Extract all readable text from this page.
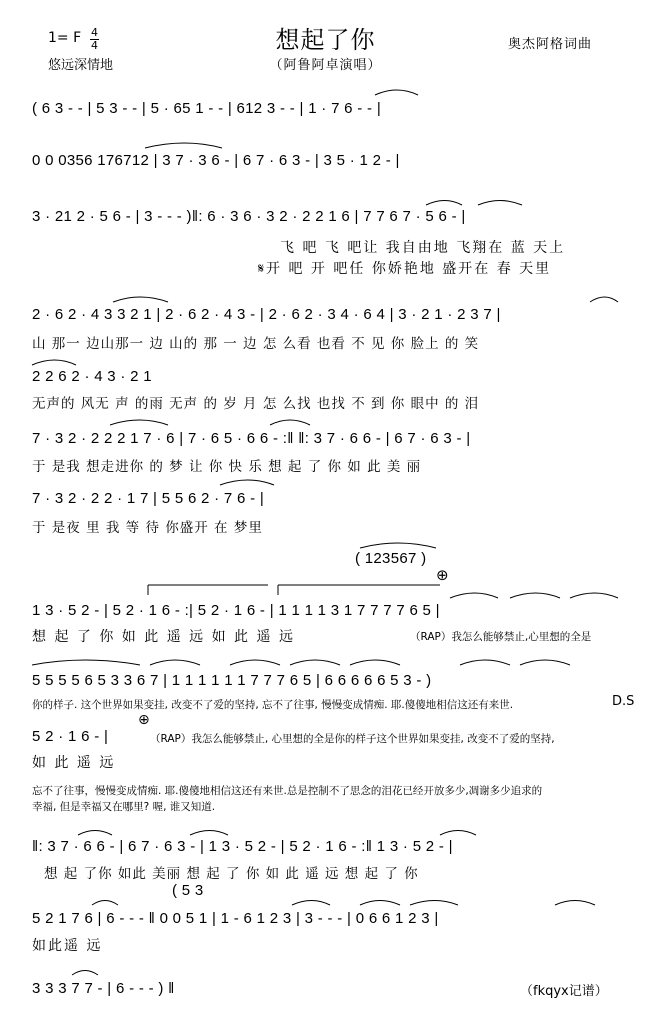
1= F 4
4
悠远深情地
想起了你
（阿鲁阿卓演唱）
奥杰阿格词曲
( 6 3 - - | 5 3 - - | 5 · 65 1 - - | 612 3 - - | 1 · 7 6 - - |
0 0 0356 176712 | 3 7 · 3 6 - | 6 7 · 6 3 - | 3 5 · 1 2 - |
3 · 21 2 · 5 6 - | 3 - - - )‖: 6 · 3 6 · 3 2 · 2 2 1 6 | 7 7 6 7 · 5 6 - |
飞 吧 飞 吧让 我自由地 飞翔在 蓝 天上
𝄋开 吧 开 吧任 你娇艳地 盛开在 春 天里
2 · 6 2 · 4 3 3 2 1 | 2 · 6 2 · 4 3 - | 2 · 6 2 · 3 4 · 6 4 | 3 · 2 1 · 2 3 7 |
山 那一 边山那一 边 山的 那 一 边 怎 么看 也看 不 见 你 脸上 的 笑
2 2 6 2 · 4 3 · 2 1
无声的 风无 声 的雨 无声 的 岁 月 怎 么找 也找 不 到 你 眼中 的 泪
7 · 3 2 · 2 2 2 1 7 · 6 | 7 · 6 5 · 6 6 - :‖ ‖: 3 7 · 6 6 - | 6 7 · 6 3 - |
于 是我 想走进你 的 梦 让 你 快 乐 想 起 了 你 如 此 美 丽
7 · 3 2 · 2 2 · 1 7 | 5 5 6 2 · 7 6 - |
于 是夜 里 我 等 待 你盛开 在 梦里
( 123567 )
⊕
1 3 · 5 2 - | 5 2 · 1 6 - :| 5 2 · 1 6 - | 1 1 1 1 3 1 7 7 7 7 6 5 |
想 起 了 你 如 此 遥 远 如 此 遥 远	（RAP）我怎么能够禁止,心里想的全是
5 5 5 5 6 5 3 3 6 7 | 1 1 1 1 1 1 7 7 7 6 5 | 6 6 6 6 6 5 3 - )
你的样子. 这个世界如果变挂, 改变不了爱的坚持, 忘不了往事, 慢慢变成情痴. 耶.傻傻地相信这还有来世.	D.S
⊕
5 2 · 1 6 - |	（RAP）我怎么能够禁止, 心里想的全是你的样子这个世界如果变挂, 改变不了爱的坚持,
如 此 遥 远
忘不了往事，慢慢变成情痴. 耶.傻傻地相信这还有来世.总是控制不了思念的泪花已经开放多少,凋谢多少追求的
幸福, 但是幸福又在哪里? 喔, 谁又知道.
‖: 3 7 · 6 6 - | 6 7 · 6 3 - | 1 3 · 5 2 - | 5 2 · 1 6 - :‖ 1 3 · 5 2 - |
想 起 了你 如此 美丽 想 起 了 你 如 此 遥 远 想 起 了 你
( 5 3
5 2 1 7 6 | 6 - - - ‖ 0 0 5 1 | 1 - 6 1 2 3 | 3 - - - | 0 6 6 1 2 3 |
如此遥 远
3 3 3 7 7 - | 6 - - - ) ‖	（fkqyx记谱）
